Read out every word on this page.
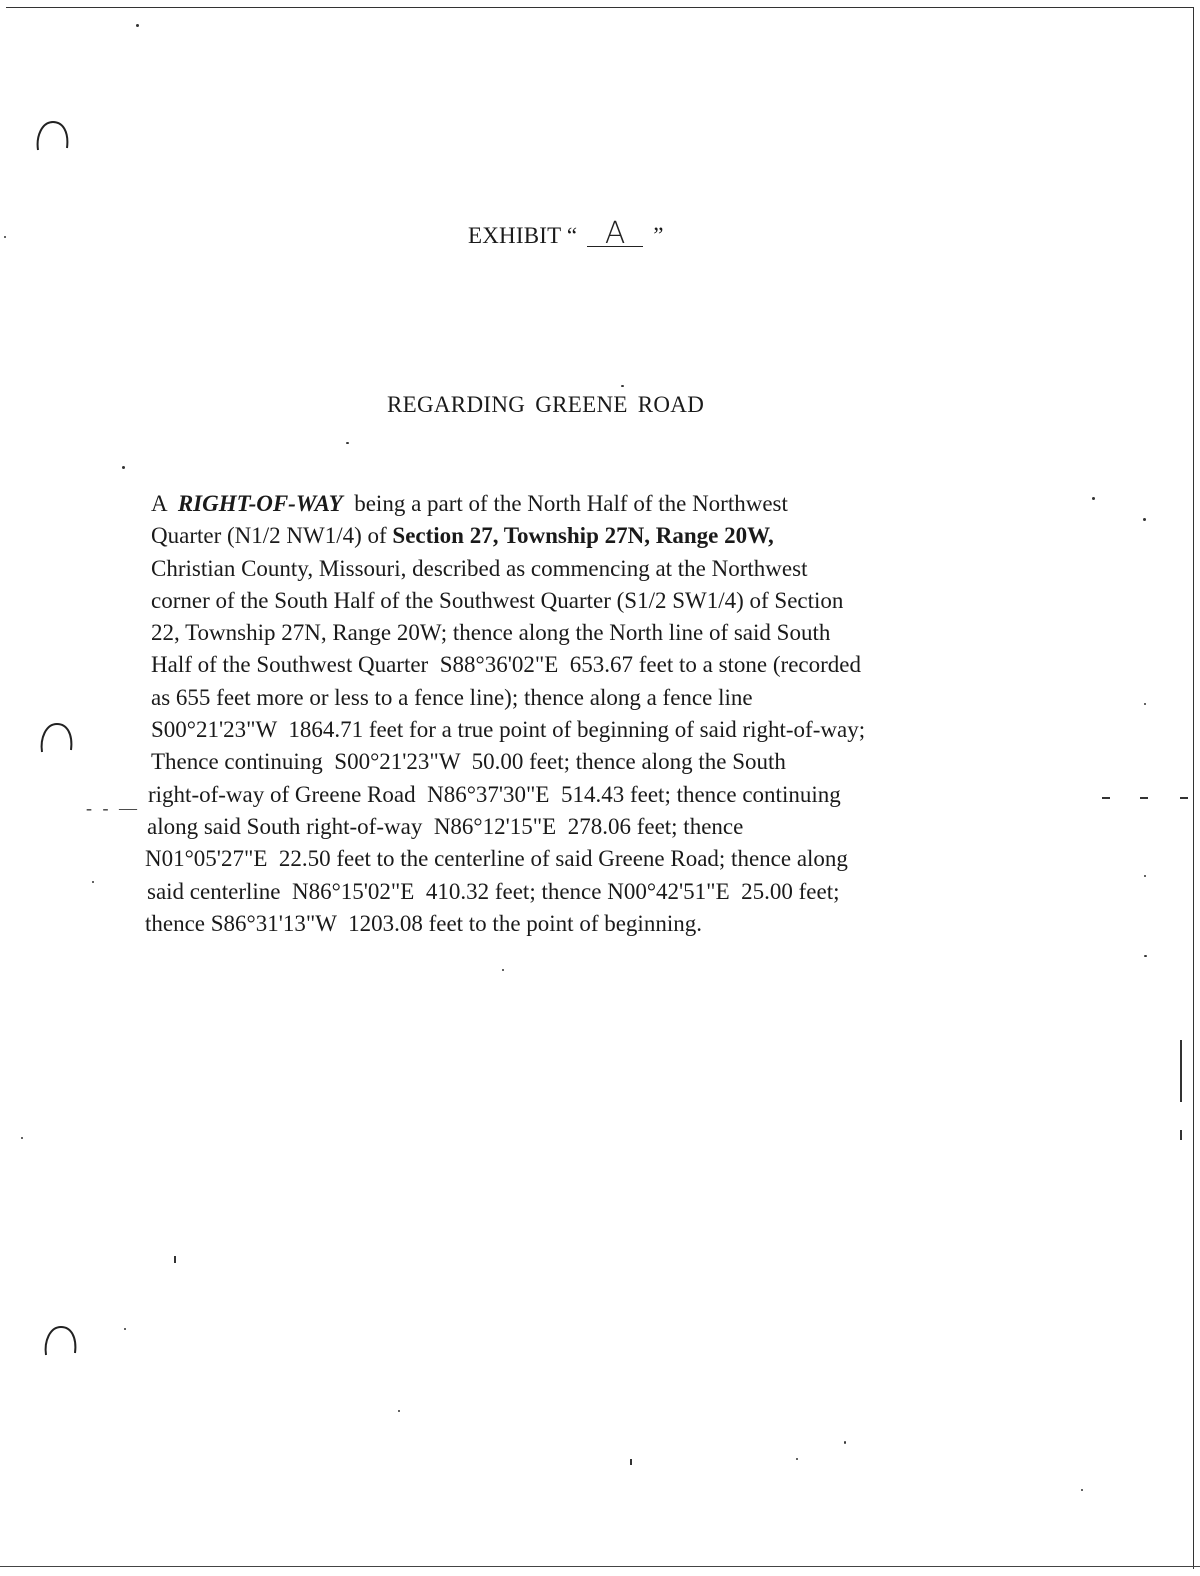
EXHIBIT “ A ”
REGARDING GREENE ROAD
A  RIGHT-OF-WAY  being a part of the North Half of the Northwest
Quarter (N1/2 NW1/4) of Section 27, Township 27N, Range 20W,
Christian County, Missouri, described as commencing at the Northwest
corner of the South Half of the Southwest Quarter (S1/2 SW1/4) of Section
22, Township 27N, Range 20W; thence along the North line of said South
Half of the Southwest Quarter  S88°36'02"E  653.67 feet to a stone (recorded
as 655 feet more or less to a fence line); thence along a fence line
S00°21'23"W  1864.71 feet for a true point of beginning of said right-of-way;
Thence continuing  S00°21'23"W  50.00 feet; thence along the South
right-of-way of Greene Road  N86°37'30"E  514.43 feet; thence continuing
along said South right-of-way  N86°12'15"E  278.06 feet; thence
N01°05'27"E  22.50 feet to the centerline of said Greene Road; thence along
said centerline  N86°15'02"E  410.32 feet; thence N00°42'51"E  25.00 feet;
thence S86°31'13"W  1203.08 feet to the point of beginning.
- - —
